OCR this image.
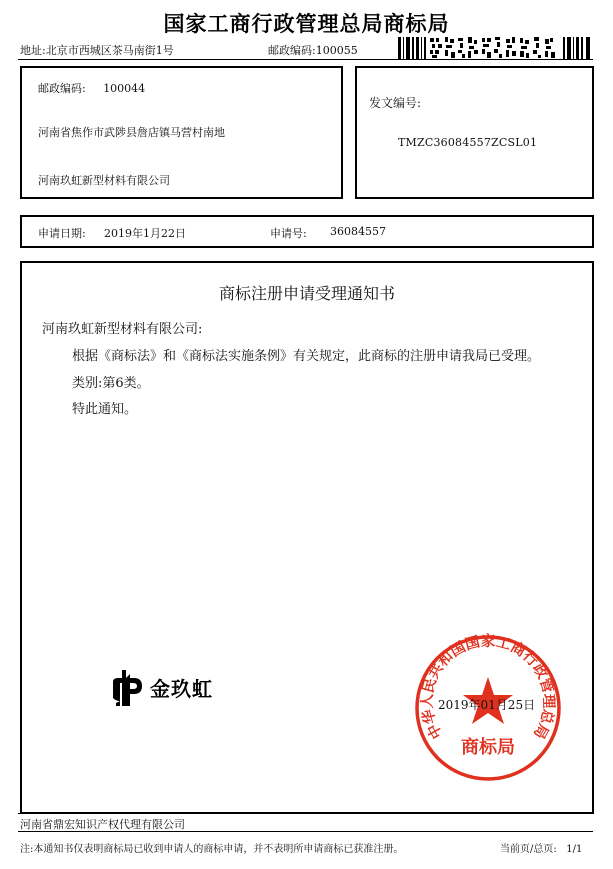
国家工商行政管理总局商标局
地址:北京市西城区茶马南街1号	邮政编码:100055
邮政编码:     100044
河南省焦作市武陟县詹店镇马营村南地
河南玖虹新型材料有限公司
发文编号:
TMZC36084557ZCSL01
申请日期: 2019年1月22日	申请号: 36084557
商标注册申请受理通知书
河南玖虹新型材料有限公司:
根据《商标法》和《商标法实施条例》有关规定，此商标的注册申请我局已受理。
类别:第6类。
特此通知。
金玖虹
中华人民共和国国家工商行政管理总局
商标局
2019年01月25日
河南省鼎宏知识产权代理有限公司
注:本通知书仅表明商标局已收到申请人的商标申请，并不表明所申请商标已获准注册。	当前页/总页:   1/1
